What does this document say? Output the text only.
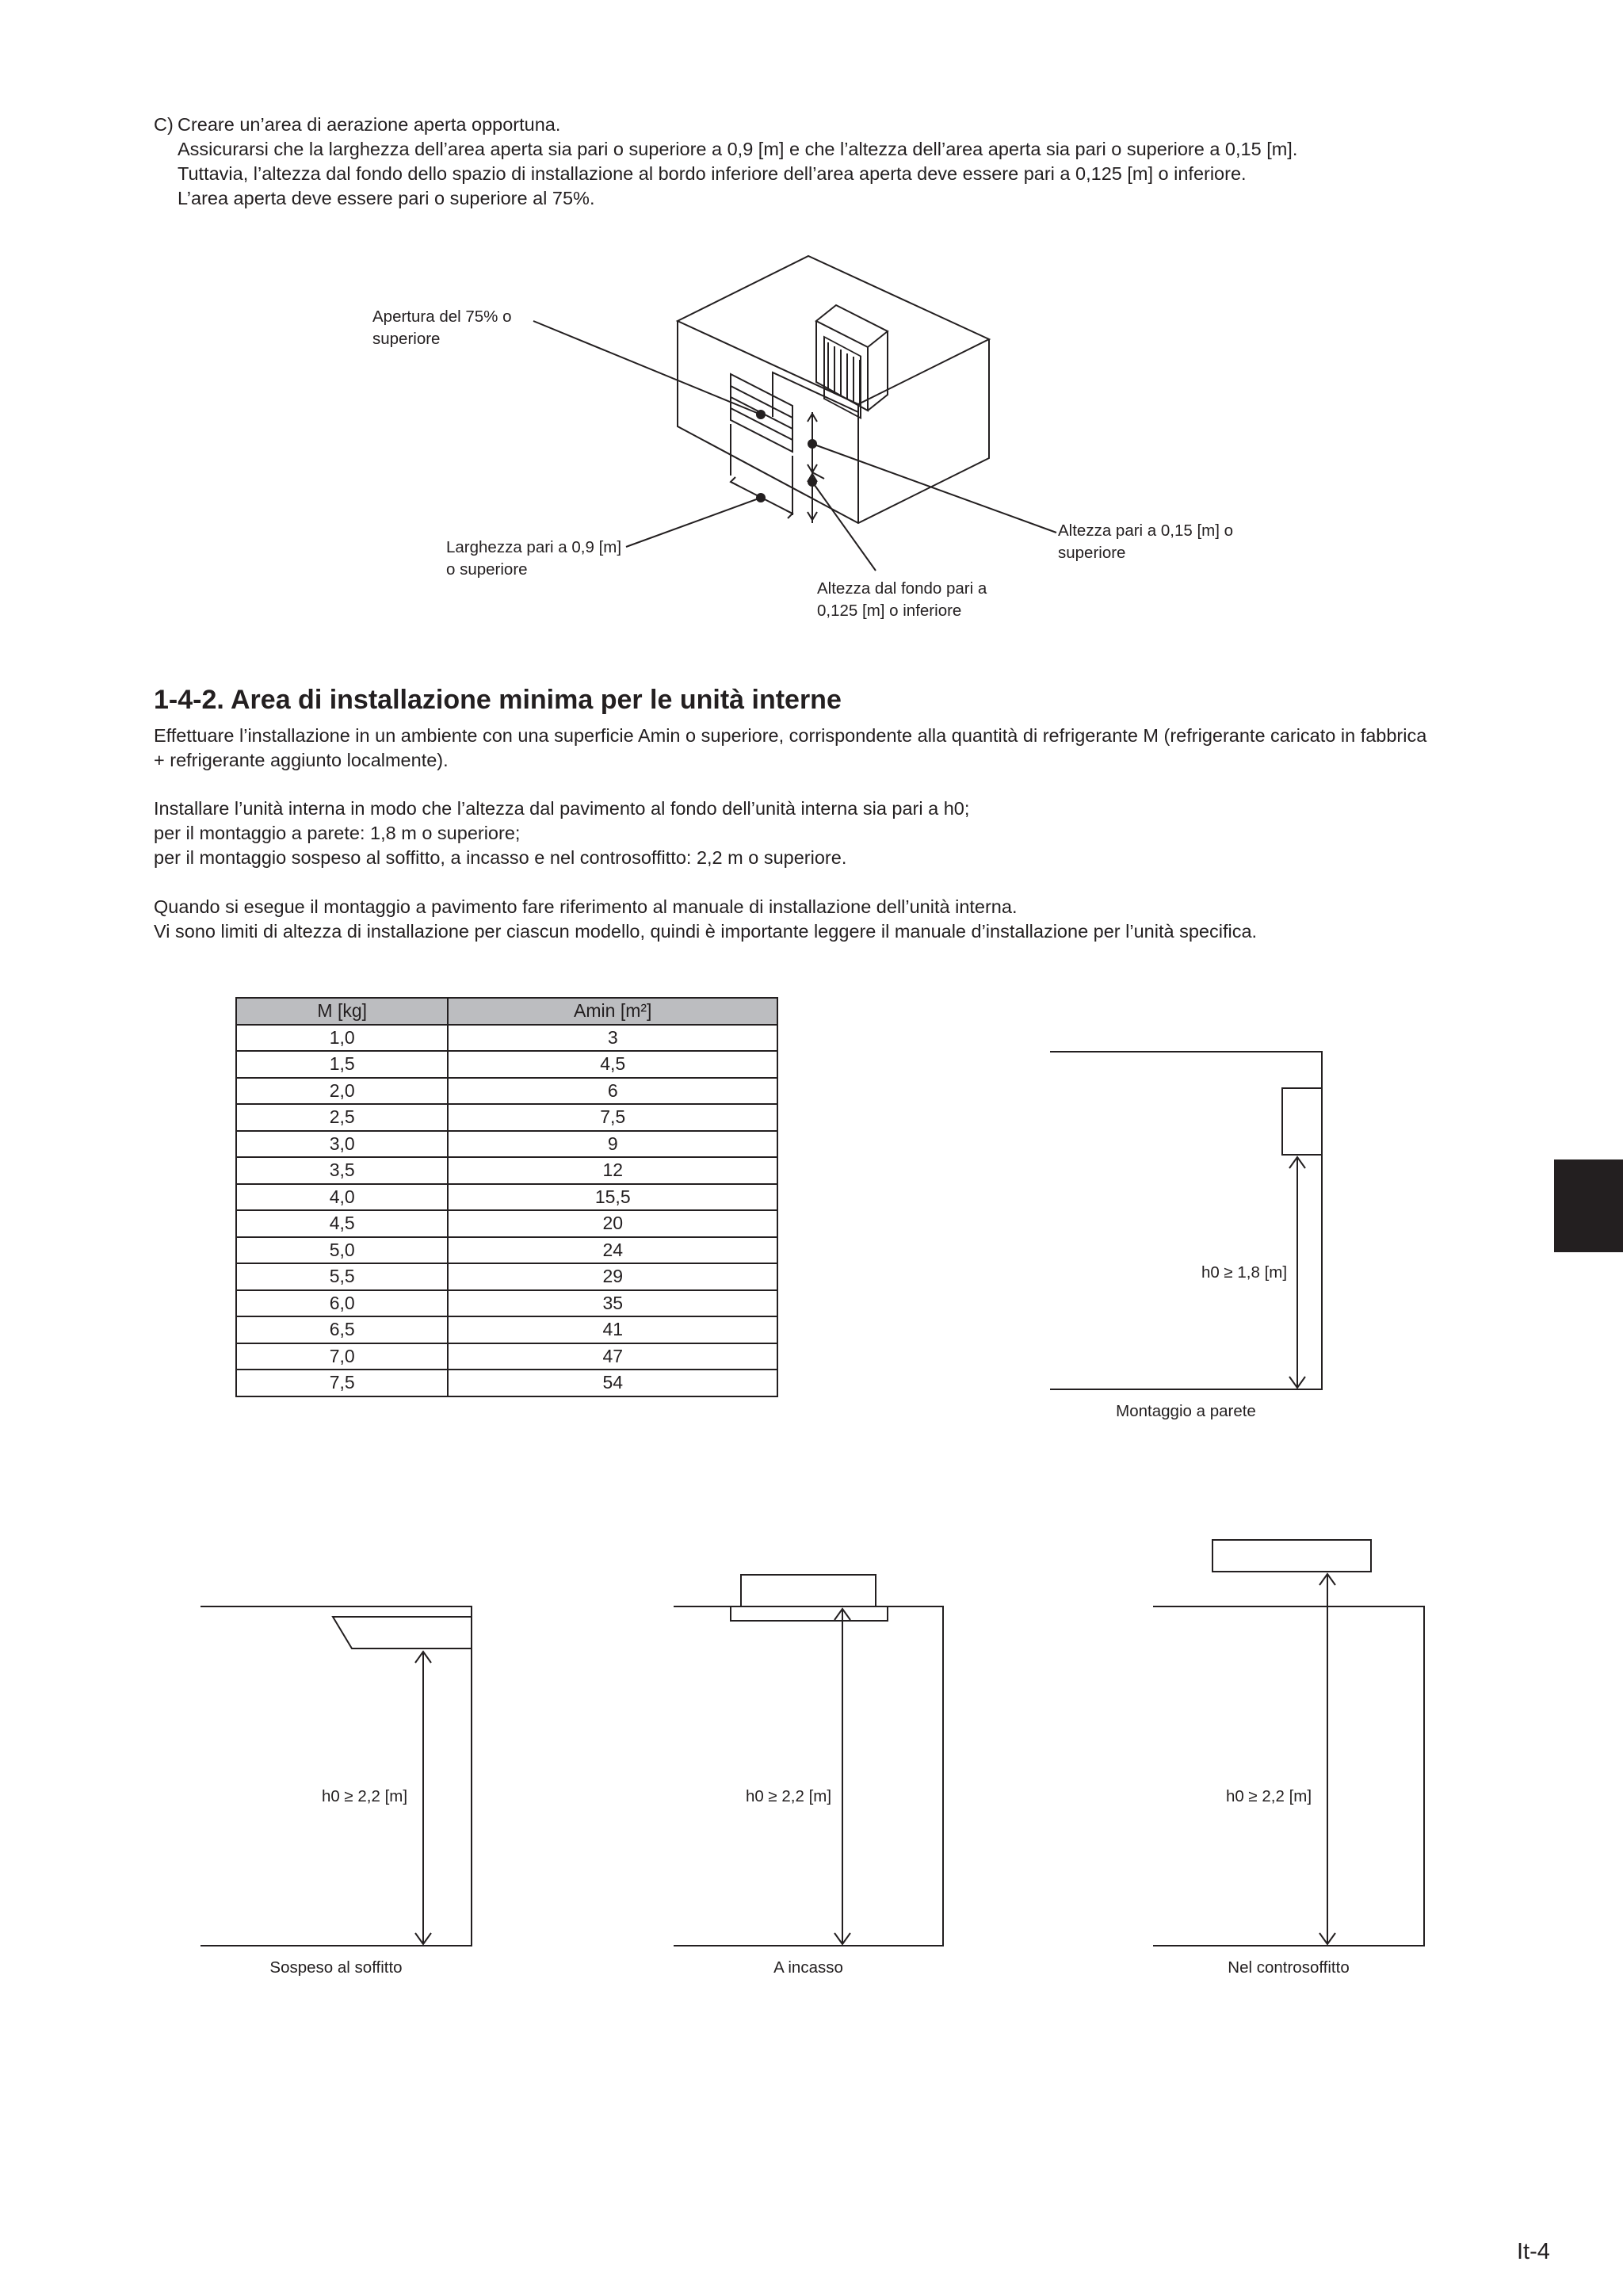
C) Creare un’area di aerazione aperta opportuna.
Assicurarsi che la larghezza dell’area aperta sia pari o superiore a 0,9 [m] e che l’altezza dell’area aperta sia pari o superiore a 0,15 [m].
Tuttavia, l’altezza dal fondo dello spazio di installazione al bordo inferiore dell’area aperta deve essere pari a 0,125 [m] o inferiore.
L’area aperta deve essere pari o superiore al 75%.
Apertura del 75% o
superiore
Larghezza pari a 0,9 [m]
o superiore
Altezza pari a 0,15 [m] o
superiore
Altezza dal fondo pari a
0,125 [m] o inferiore
1-4-2. Area di installazione minima per le unità interne
Effettuare l’installazione in un ambiente con una superficie Amin o superiore, corrispondente alla quantità di refrigerante M (refrigerante caricato in fabbrica
+ refrigerante aggiunto localmente).
Installare l’unità interna in modo che l’altezza dal pavimento al fondo dell’unità interna sia pari a h0;
per il montaggio a parete: 1,8 m o superiore;
per il montaggio sospeso al soffitto, a incasso e nel controsoffitto: 2,2 m o superiore.
Quando si esegue il montaggio a pavimento fare riferimento al manuale di installazione dell’unità interna.
Vi sono limiti di altezza di installazione per ciascun modello, quindi è importante leggere il manuale d’installazione per l’unità specifica.
M [kg]	Amin [m²]
1,0	3
1,5	4,5
2,0	6
2,5	7,5
3,0	9
3,5	12
4,0	15,5
4,5	20
5,0	24
5,5	29
6,0	35
6,5	41
7,0	47
7,5	54
h0 ≥ 1,8 [m]
Montaggio a parete
h0 ≥ 2,2 [m]
Sospeso al soffitto
h0 ≥ 2,2 [m]
A incasso
h0 ≥ 2,2 [m]
Nel controsoffitto
It-4
